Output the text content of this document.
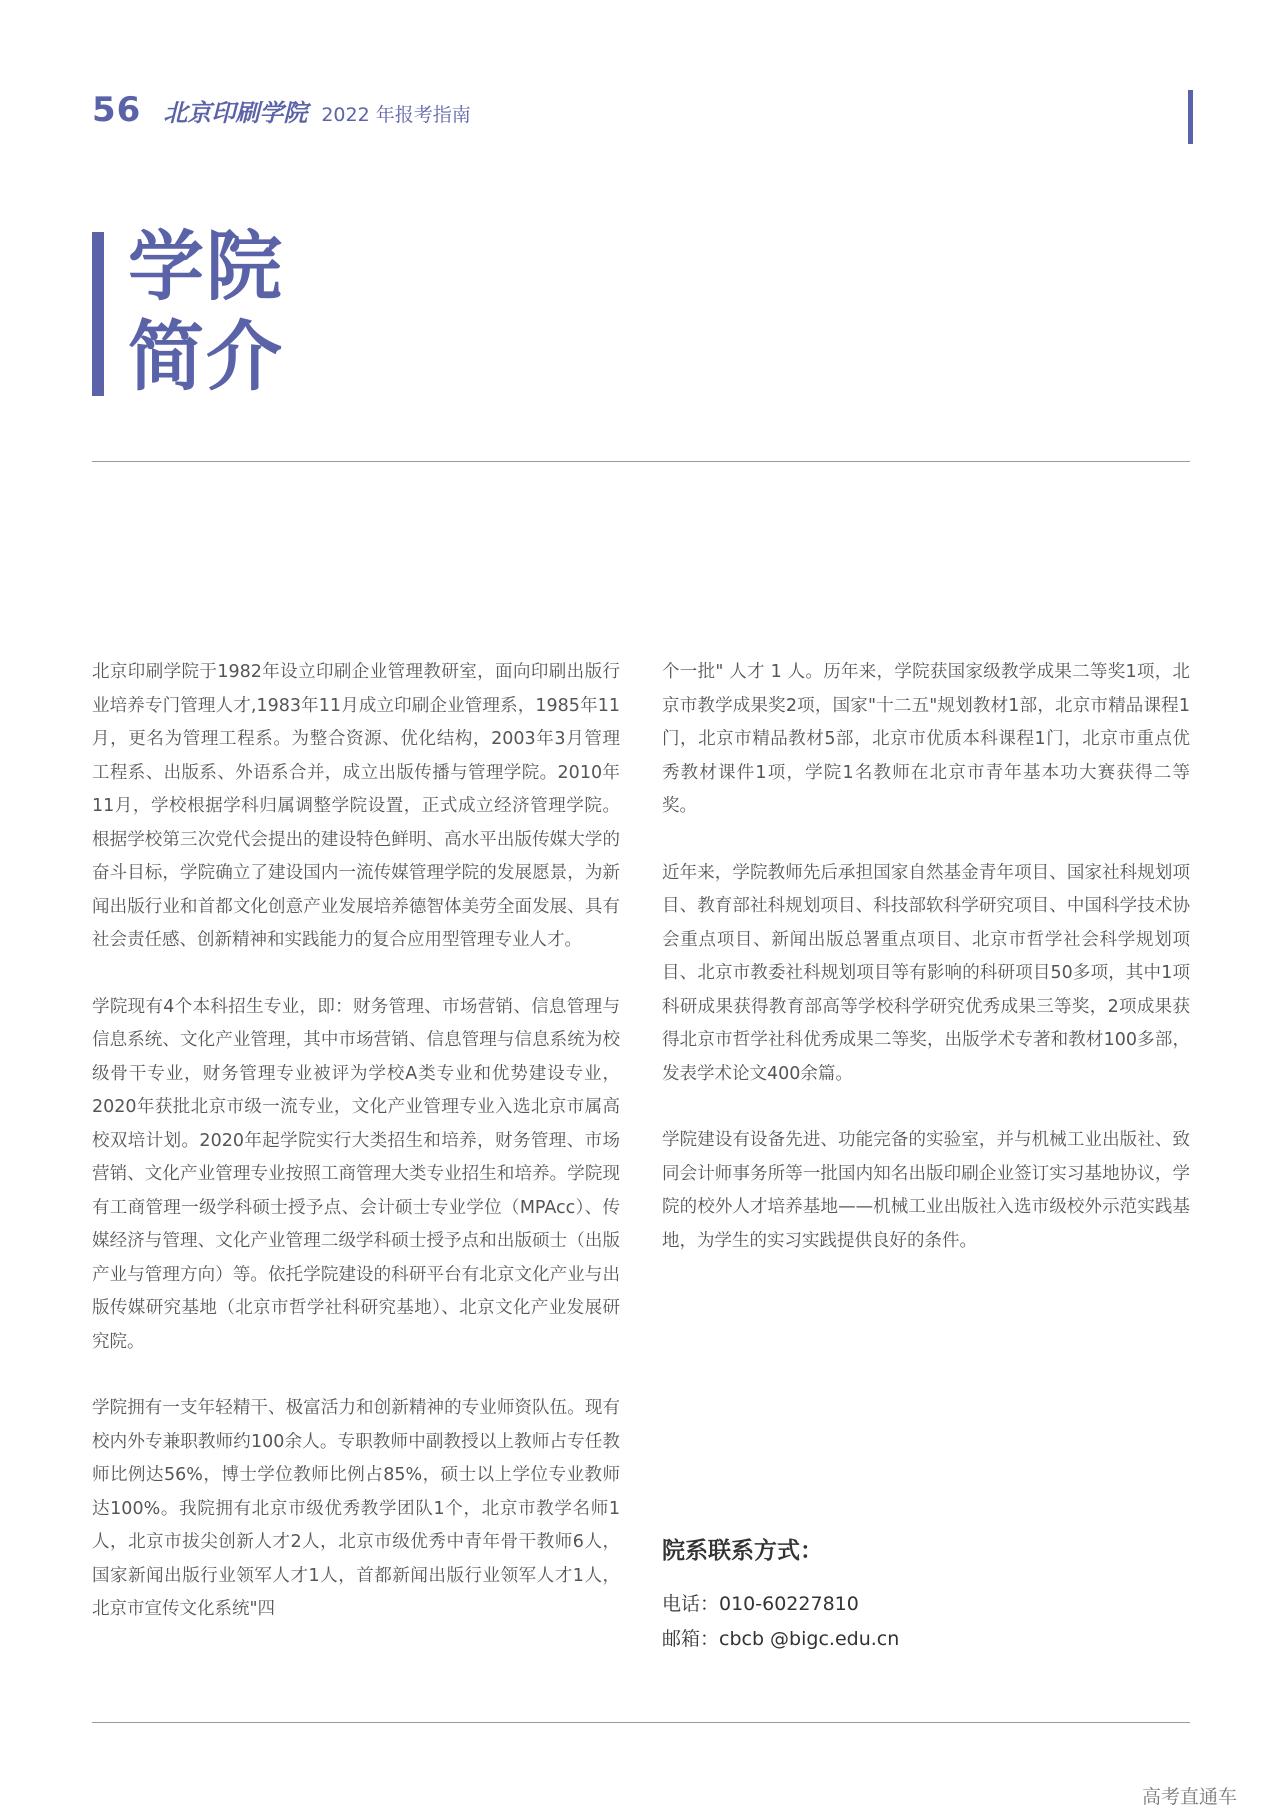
56 北京印刷学院 2022 年报考指南
学院
简介

北京印刷学院于1982年设立印刷企业管理教研室，面向印刷出版行业培养专门管理人才,1983年11月成立印刷企业管理系，1985年11月，更名为管理工程系。为整合资源、优化结构，2003年3月管理工程系、出版系、外语系合并，成立出版传播与管理学院。2010年11月，学校根据学科归属调整学院设置，正式成立经济管理学院。根据学校第三次党代会提出的建设特色鲜明、高水平出版传媒大学的奋斗目标，学院确立了建设国内一流传媒管理学院的发展愿景，为新闻出版行业和首都文化创意产业发展培养德智体美劳全面发展、具有社会责任感、创新精神和实践能力的复合应用型管理专业人才。

学院现有4个本科招生专业，即：财务管理、市场营销、信息管理与信息系统、文化产业管理，其中市场营销、信息管理与信息系统为校级骨干专业，财务管理专业被评为学校A类专业和优势建设专业，2020年获批北京市级一流专业，文化产业管理专业入选北京市属高校双培计划。2020年起学院实行大类招生和培养，财务管理、市场营销、文化产业管理专业按照工商管理大类专业招生和培养。学院现有工商管理一级学科硕士授予点、会计硕士专业学位（MPAcc）、传媒经济与管理、文化产业管理二级学科硕士授予点和出版硕士（出版产业与管理方向）等。依托学院建设的科研平台有北京文化产业与出版传媒研究基地（北京市哲学社科研究基地）、北京文化产业发展研究院。

学院拥有一支年轻精干、极富活力和创新精神的专业师资队伍。现有校内外专兼职教师约100余人。专职教师中副教授以上教师占专任教师比例达56%，博士学位教师比例占85%，硕士以上学位专业教师达100%。我院拥有北京市级优秀教学团队1个，北京市教学名师1人，北京市拔尖创新人才2人，北京市级优秀中青年骨干教师6人，国家新闻出版行业领军人才1人，首都新闻出版行业领军人才1人，北京市宣传文化系统"四

个一批" 人才 1 人。历年来，学院获国家级教学成果二等奖1项，北京市教学成果奖2项，国家"十二五"规划教材1部，北京市精品课程1门，北京市精品教材5部，北京市优质本科课程1门，北京市重点优秀教材课件1项，学院1名教师在北京市青年基本功大赛获得二等奖。

近年来，学院教师先后承担国家自然基金青年项目、国家社科规划项目、教育部社科规划项目、科技部软科学研究项目、中国科学技术协会重点项目、新闻出版总署重点项目、北京市哲学社会科学规划项目、北京市教委社科规划项目等有影响的科研项目50多项，其中1项科研成果获得教育部高等学校科学研究优秀成果三等奖，2项成果获得北京市哲学社科优秀成果二等奖，出版学术专著和教材100多部，发表学术论文400余篇。

学院建设有设备先进、功能完备的实验室，并与机械工业出版社、致同会计师事务所等一批国内知名出版印刷企业签订实习基地协议，学院的校外人才培养基地——机械工业出版社入选市级校外示范实践基地，为学生的实习实践提供良好的条件。

院系联系方式：
电话：010-60227810
邮箱：cbcb @bigc.edu.cn
高考直通车
